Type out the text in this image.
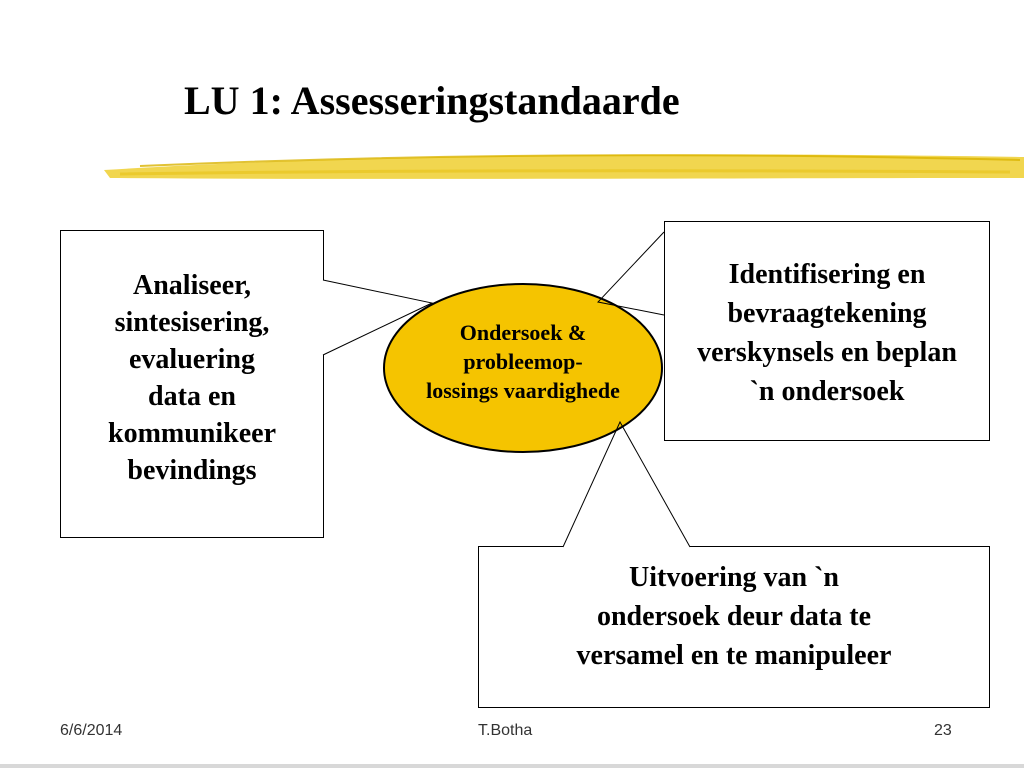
LU 1: Assesseringstandaarde

Analiseer,

sintesisering,

evaluering

data en

kommunikeer

bevindings

Identifisering en

bevraagtekening

verskynsels en beplan

`n ondersoek

Uitvoering van `n

ondersoek deur data te

versamel en te manipuleer

Ondersoek &

probleemop-

lossings vaardighede

6/6/2014	T.Botha	23
